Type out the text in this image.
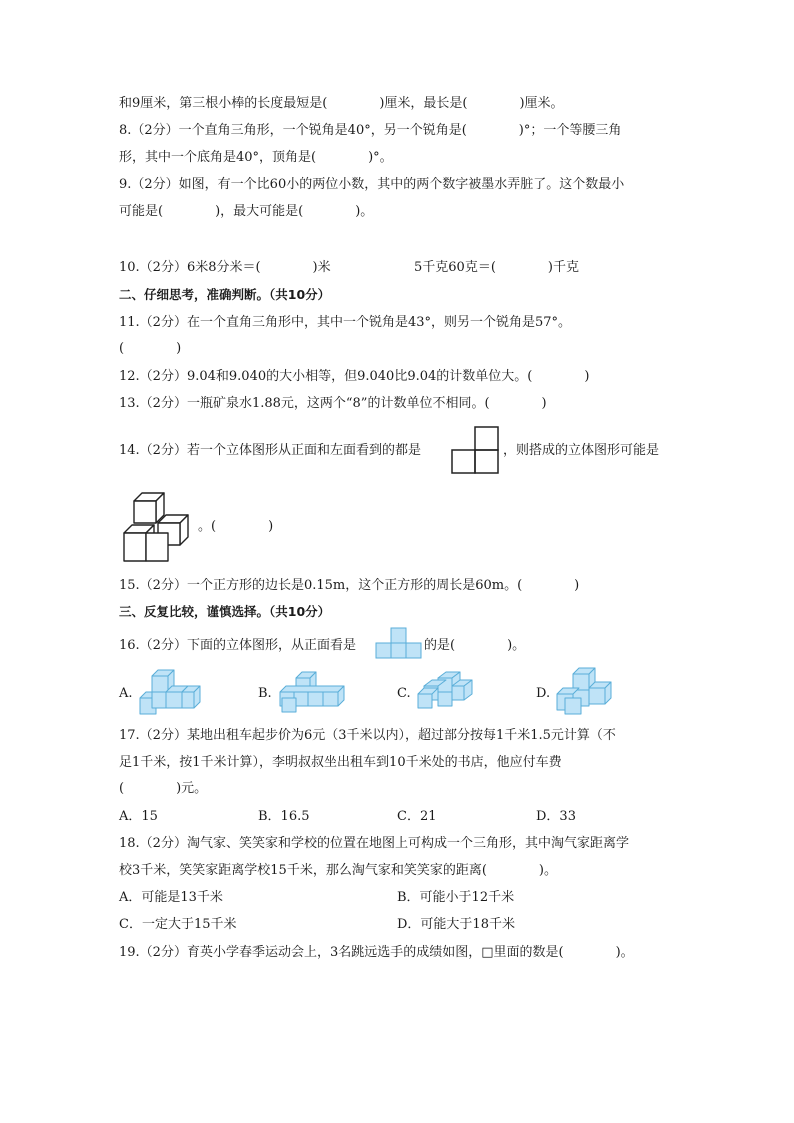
和9厘米，第三根小棒的长度最短是(　　　　)厘米，最长是(　　　　)厘米。
8.（2分）一个直角三角形，一个锐角是40°，另一个锐角是(　　　　)°；一个等腰三角
形，其中一个底角是40°，顶角是(　　　　)°。
9.（2分）如图，有一个比60小的两位小数，其中的两个数字被墨水弄脏了。这个数最小
可能是(　　　　)，最大可能是(　　　　)。
10.（2分）6米8分米＝(　　　　)米	5千克60克＝(　　　　)千克
二、仔细思考，准确判断。（共10分）
11.（2分）在一个直角三角形中，其中一个锐角是43°，则另一个锐角是57°。
(　　　　)
12.（2分）9.04和9.040的大小相等，但9.040比9.04的计数单位大。(　　　　)
13.（2分）一瓶矿泉水1.88元，这两个“8”的计数单位不相同。(　　　　)
14.（2分）若一个立体图形从正面和左面看到的都是	，则搭成的立体图形可能是
。(　　　　)
15.（2分）一个正方形的边长是0.15m，这个正方形的周长是60m。(　　　　)
三、反复比较，谨慎选择。（共10分）
16.（2分）下面的立体图形，从正面看是	的是(　　　　)。
A.	B.	C.	D.
17.（2分）某地出租车起步价为6元（3千米以内），超过部分按每1千米1.5元计算（不
足1千米，按1千米计算），李明叔叔坐出租车到10千米处的书店，他应付车费
(　　　　)元。
A．15	B．16.5	C．21	D．33
18.（2分）淘气家、笑笑家和学校的位置在地图上可构成一个三角形，其中淘气家距离学
校3千米，笑笑家距离学校15千米，那么淘气家和笑笑家的距离(　　　　)。
A．可能是13千米	B．可能小于12千米
C．一定大于15千米	D．可能大于18千米
19.（2分）育英小学春季运动会上，3名跳远选手的成绩如图，□里面的数是(　　　　)。
